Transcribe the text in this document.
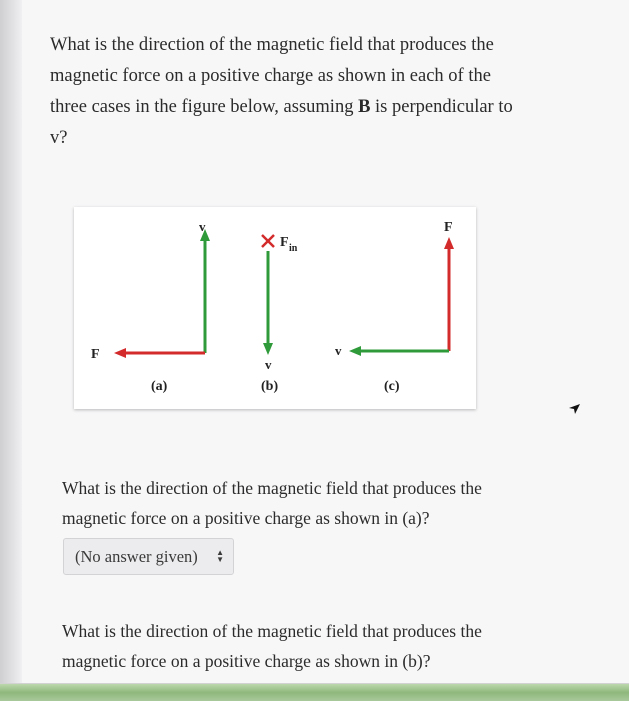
What is the direction of the magnetic field that produces the
magnetic force on a positive charge as shown in each of the
three cases in the figure below, assuming B is perpendicular to
v?
v
F
(a)
F in
v
(b)
F
v
(c)
What is the direction of the magnetic field that produces the
magnetic force on a positive charge as shown in (a)?
(No answer given) ▲
▼
What is the direction of the magnetic field that produces the
magnetic force on a positive charge as shown in (b)?
